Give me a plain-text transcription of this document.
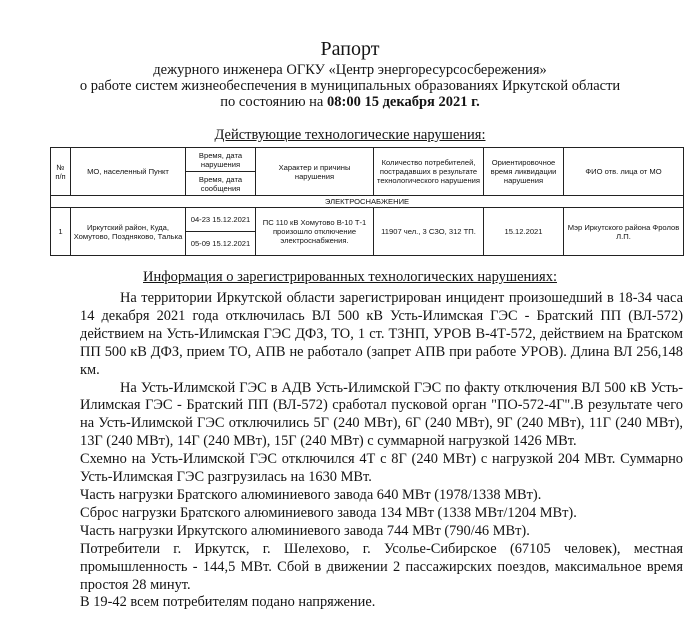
Рапорт
дежурного инженера ОГКУ «Центр энергоресурсосбережения»
о работе систем жизнеобеспечения в муниципальных образованиях Иркутской области
по состоянию на 08:00 15 декабря 2021 г.
Действующие технологические нарушения:
№ п/п	МО, населенный Пункт	Время, дата нарушения	Характер и причины нарушения	Количество потребителей, пострадавших в результате технологического нарушения	Ориентировочное время ликвидации нарушения	ФИО отв. лица от МО
		Время, дата сообщения				
ЭЛЕКТРОСНАБЖЕНИЕ						
1	Иркутский район, Куда, Хомутово, Поздняково, Талька	04-23 15.12.2021	ПС 110 кВ Хомутово В-10 Т-1 произошло отключение электроснабжения.	11907 чел., 3 СЗО, 312 ТП.	15.12.2021	Мэр Иркутского района Фролов Л.П.
		05-09 15.12.2021				
Информация о зарегистрированных технологических нарушениях:

На территории Иркутской области зарегистрирован инцидент произошедший в 18-34 часа 14 декабря 2021 года отключилась ВЛ 500 кВ Усть-Илимская ГЭС - Братский ПП (ВЛ-572) действием на Усть-Илимская ГЭС ДФЗ, ТО, 1 ст. ТЗНП, УРОВ В-4Т-572, действием на Братском ПП 500 кВ ДФЗ, прием ТО, АПВ не работало (запрет АПВ при работе УРОВ). Длина ВЛ 256,148 км.

На Усть-Илимской ГЭС в АДВ Усть-Илимской ГЭС по факту отключения ВЛ 500 кВ Усть-Илимская ГЭС - Братский ПП (ВЛ-572) сработал пусковой орган "ПО-572-4Г".В результате чего на Усть-Илимской ГЭС отключились 5Г (240 МВт), 6Г (240 МВт), 9Г (240 МВт), 11Г (240 МВт), 13Г (240 МВт), 14Г (240 МВт), 15Г (240 МВт) с суммарной нагрузкой 1426 МВт.

Схемно на Усть-Илимской ГЭС отключился 4Т с 8Г (240 МВт) с нагрузкой 204 МВт. Суммарно Усть-Илимская ГЭС разгрузилась на 1630 МВт.

Часть нагрузки Братского алюминиевого завода 640 МВт (1978/1338 МВт).

Сброс нагрузки Братского алюминиевого завода 134 МВт (1338 МВт/1204 МВт).

Часть нагрузки Иркутского алюминиевого завода 744 МВт (790/46 МВт).

Потребители г. Иркутск, г. Шелехово, г. Усолье-Сибирское (67105 человек), местная промышленность - 144,5 МВт. Сбой в движении 2 пассажирских поездов, максимальное время простоя 28 минут.

В 19-42 всем потребителям подано напряжение.
